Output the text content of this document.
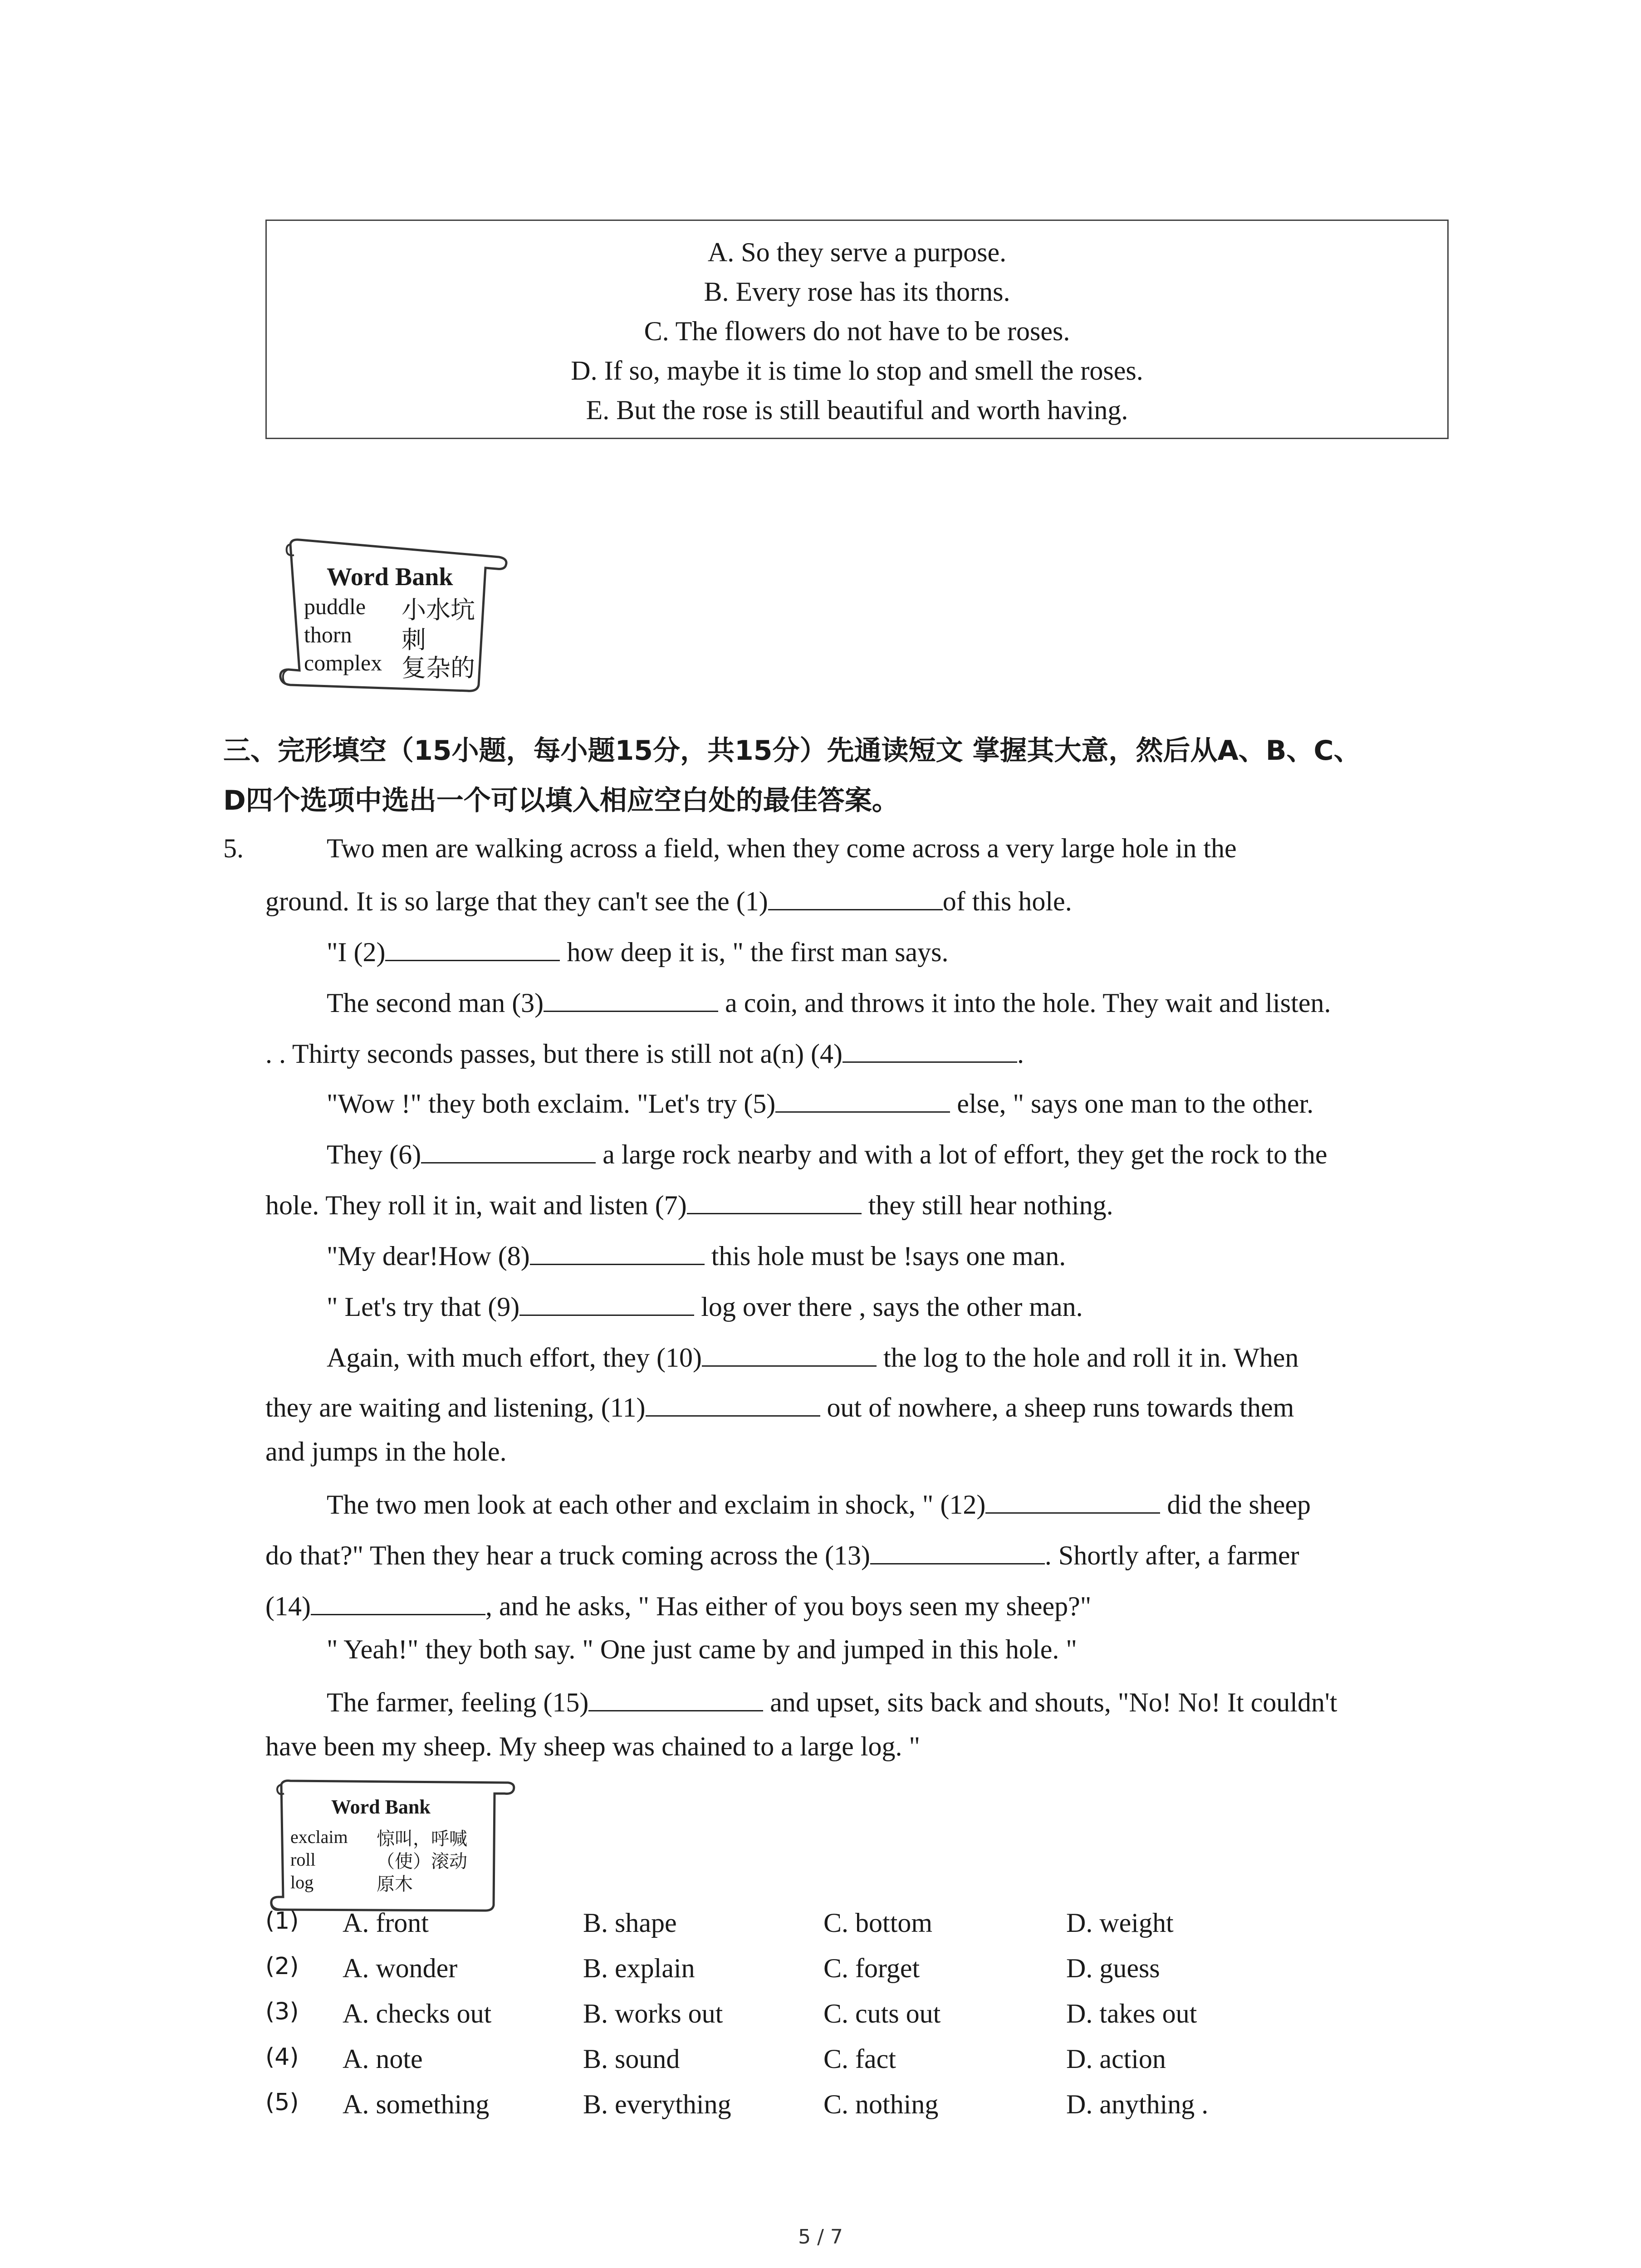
A. So they serve a purpose.
B. Every rose has its thorns.
C. The flowers do not have to be roses.
D. If so, maybe it is time lo stop and smell the roses.
E. But the rose is still beautiful and worth having.
Word Bank
puddle 小水坑
thorn 刺
complex 复杂的
三、完形填空（15小题，每小题15分，共15分）先通读短文 掌握其大意，然后从A、B、C、
D四个选项中选出一个可以填入相应空白处的最佳答案。
5.	Two men are walking across a field, when they come across a very large hole in the
ground. It is so large that they can't see the (1)	of this hole.
"I (2)	how deep it is, " the first man says.
The second man (3)	a coin, and throws it into the hole. They wait and listen.
. . Thirty seconds passes, but there is still not a(n) (4)	.
"Wow !" they both exclaim. "Let's try (5)	else, " says one man to the other.
They (6)	a large rock nearby and with a lot of effort, they get the rock to the
hole. They roll it in, wait and listen (7)	they still hear nothing.
"My dear!How (8)	this hole must be !says one man.
" Let's try that (9)	log over there , says the other man.
Again, with much effort, they (10)	the log to the hole and roll it in. When
they are waiting and listening, (11)	out of nowhere, a sheep runs towards them
and jumps in the hole.
The two men look at each other and exclaim in shock, " (12)	did the sheep
do that?" Then they hear a truck coming across the (13)	. Shortly after, a farmer
(14)	, and he asks, " Has either of you boys seen my sheep?"
" Yeah!" they both say. " One just came by and jumped in this hole. "
The farmer, feeling (15)	and upset, sits back and shouts, "No! No! It couldn't
have been my sheep. My sheep was chained to a large log. "
Word Bank
exclaim 惊叫，呼喊
roll	（使）滚动
log	原木
(1) A. front	B. shape	C. bottom	D. weight
(2) A. wonder	B. explain	C. forget	D. guess
(3) A. checks out	B. works out	C. cuts out	D. takes out
(4) A. note	B. sound	C. fact	D. action
(5) A. something	B. everything	C. nothing	D. anything .
5 / 7
